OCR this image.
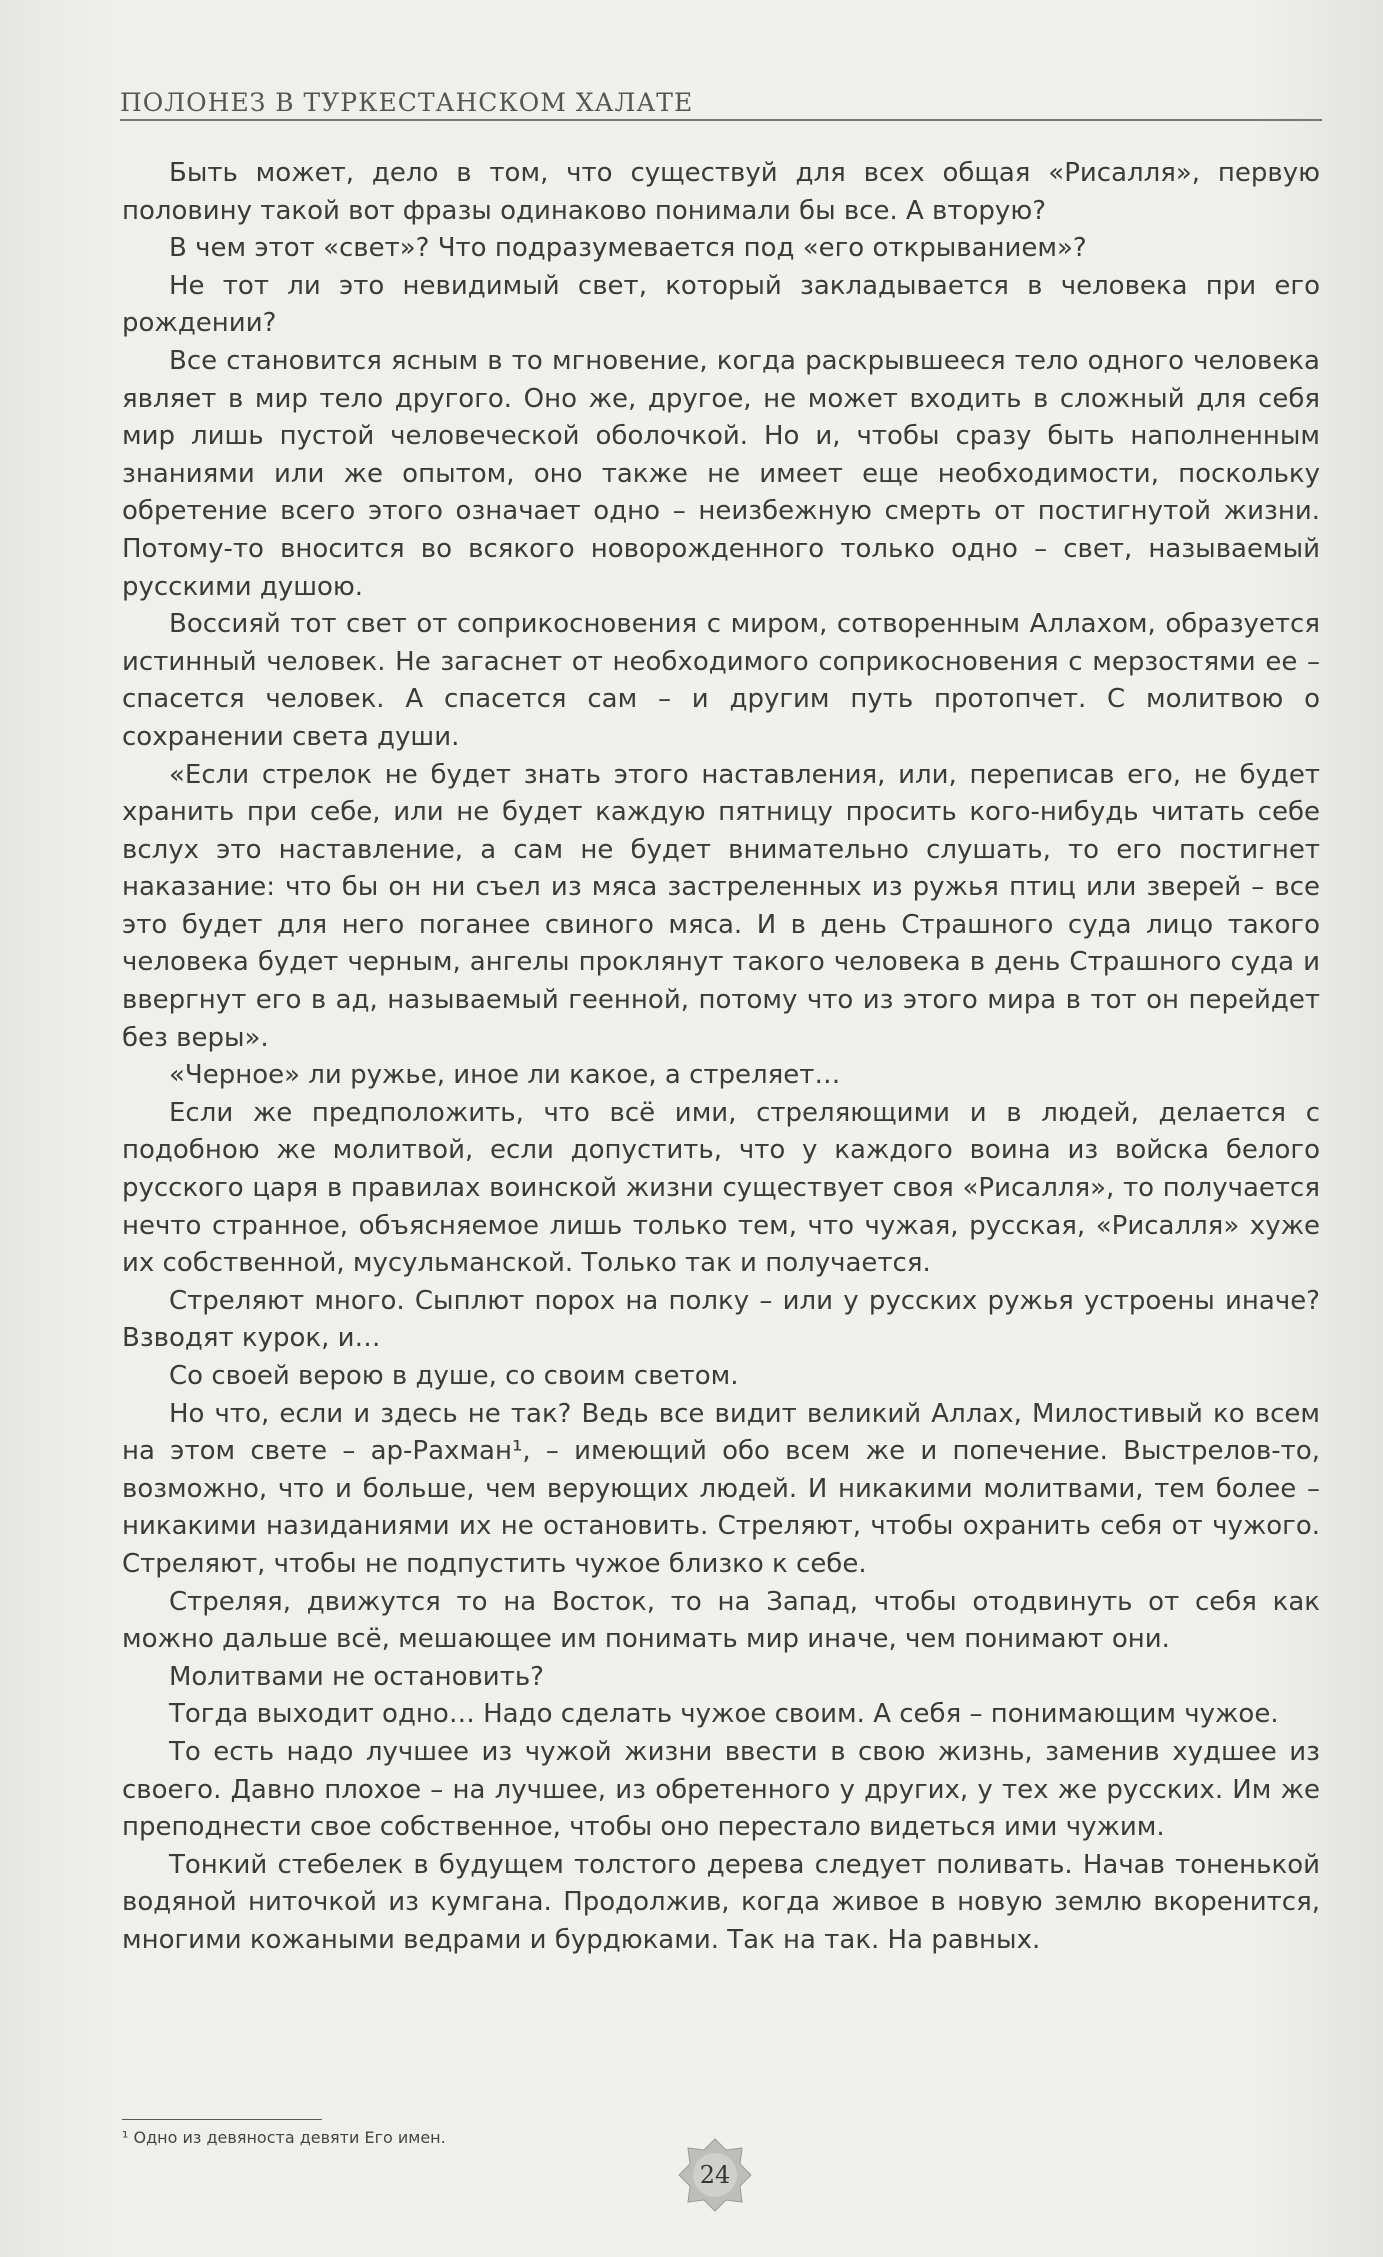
ПОЛОНЕЗ В ТУРКЕСТАНСКОМ ХАЛАТЕ

Быть может, дело в том, что существуй для всех общая «Рисалля», первую половину такой вот фразы одинаково понимали бы все. А вторую?

В чем этот «свет»? Что подразумевается под «его открыванием»?

Не тот ли это невидимый свет, который закладывается в человека при его рождении?

Все становится ясным в то мгновение, когда раскрывшееся тело одного человека являет в мир тело другого. Оно же, другое, не может входить в сложный для себя мир лишь пустой человеческой оболочкой. Но и, чтобы сразу быть наполненным знаниями или же опытом, оно также не имеет еще необходимости, поскольку обретение всего этого означает одно – неизбежную смерть от постигнутой жизни. Потому-то вносится во всякого новорожденного только одно – свет, называемый русскими душою.

Воссияй тот свет от соприкосновения с миром, сотворенным Аллахом, образуется истинный человек. Не загаснет от необходимого соприкосновения с мерзостями ее – спасется человек. А спасется сам – и другим путь протопчет. С молитвою о сохранении света души.

«Если стрелок не будет знать этого наставления, или, переписав его, не будет хранить при себе, или не будет каждую пятницу просить кого-нибудь читать себе вслух это наставление, а сам не будет внимательно слушать, то его постигнет наказание: что бы он ни съел из мяса застреленных из ружья птиц или зверей – все это будет для него поганее свиного мяса. И в день Страшного суда лицо такого человека будет черным, ангелы проклянут такого человека в день Страшного суда и ввергнут его в ад, называемый геенной, потому что из этого мира в тот он перейдет без веры».

«Черное» ли ружье, иное ли какое, а стреляет…

Если же предположить, что всё ими, стреляющими и в людей, делается с подобною же молитвой, если допустить, что у каждого воина из войска белого русского царя в правилах воинской жизни существует своя «Рисалля», то получается нечто странное, объясняемое лишь только тем, что чужая, русская, «Рисалля» хуже их собственной, мусульманской. Только так и получается.

Стреляют много. Сыплют порох на полку – или у русских ружья устроены иначе? Взводят курок, и…

Со своей верою в душе, со своим светом.

Но что, если и здесь не так? Ведь все видит великий Аллах, Милостивый ко всем на этом свете – ар-Рахман¹, – имеющий обо всем же и попечение. Выстрелов-то, возможно, что и больше, чем верующих людей. И никакими молитвами, тем более – никакими назиданиями их не остановить. Стреляют, чтобы охранить себя от чужого. Стреляют, чтобы не подпустить чужое близко к себе.

Стреляя, движутся то на Восток, то на Запад, чтобы отодвинуть от себя как можно дальше всё, мешающее им понимать мир иначе, чем понимают они.

Молитвами не остановить?

Тогда выходит одно… Надо сделать чужое своим. А себя – понимающим чужое.

То есть надо лучшее из чужой жизни ввести в свою жизнь, заменив худшее из своего. Давно плохое – на лучшее, из обретенного у других, у тех же русских. Им же преподнести свое собственное, чтобы оно перестало видеться ими чужим.

Тонкий стебелек в будущем толстого дерева следует поливать. Начав тоненькой водяной ниточкой из кумгана. Продолжив, когда живое в новую землю вкоренится, многими кожаными ведрами и бурдюками. Так на так. На равных.

¹ Одно из девяноста девяти Его имен.
24
